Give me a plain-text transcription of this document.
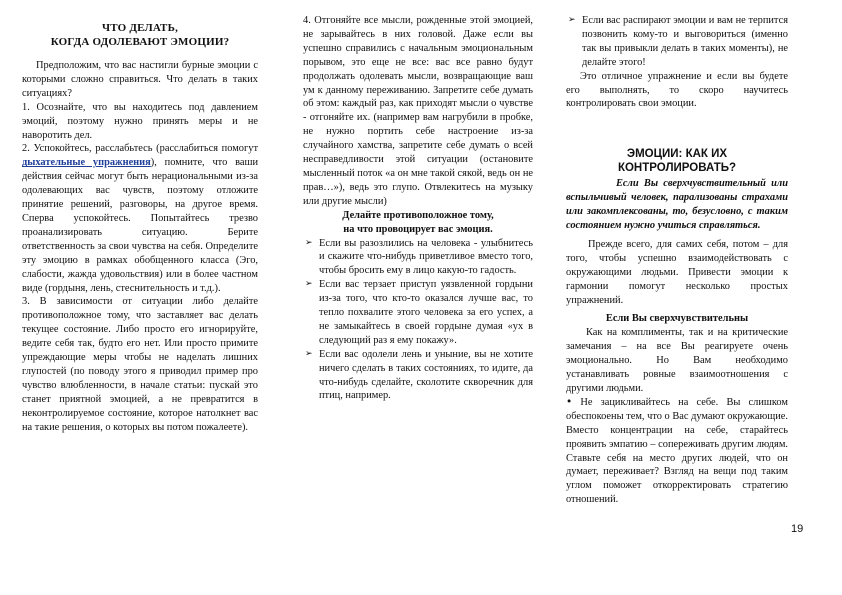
ЧТО ДЕЛАТЬ,
КОГДА ОДОЛЕВАЮТ ЭМОЦИИ?

Предположим, что вас настигли бурные эмоции с которыми сложно справиться. Что делать в таких ситуациях?

1. Осознайте, что вы находитесь под давлением эмоций, поэтому нужно принять меры и не наворотить дел.

2. Успокойтесь, расслабьтесь (расслабиться помогут дыхательные упражнения), помните, что ваши действия сейчас могут быть нерациональными из-за одолевающих вас чувств, поэтому отложите принятие решений, разговоры, на другое время. Сперва успокойтесь. Попытайтесь трезво проанализировать ситуацию. Берите ответственность за свои чувства на себя. Определите эту эмоцию в рамках обобщенного класса (Эго, слабости, жажда удовольствия) или в более частном виде (гордыня, лень, стеснительность и т.д.).

3. В зависимости от ситуации либо делайте противоположное тому, что заставляет вас делать текущее состояние. Либо просто его игнорируйте, ведите себя так, будто его нет. Или просто примите упреждающие меры чтобы не наделать лишних глупостей (по поводу этого я приводил пример про чувство влюбленности, в начале статьи: пускай это станет приятной эмоцией, а не превратится в неконтролируемое состояние, которое натолкнет вас на такие решения, о которых вы потом пожалеете).

4. Отгоняйте все мысли, рожденные этой эмоцией, не зарывайтесь в них головой. Даже если вы успешно справились с начальным эмоциональным порывом, это еще не все: вас все равно будут продолжать одолевать мысли, возвращающие ваш ум к данному переживанию. Запретите себе думать об этом: каждый раз, как приходят мысли о чувстве - отгоняйте их. (например вам нагрубили в пробке, не нужно портить себе настроение из-за случайного хамства, запретите себе думать о всей несправедливости этой ситуации (остановите мысленный поток «а он мне такой сякой, ведь он не прав…»), ведь это глупо. Отвлекитесь на музыку или другие мысли)

Делайте противоположное тому,
на что провоцирует вас эмоция.
➢ Если вы разозлились на человека - улыбнитесь и скажите что-нибудь приветливое вместо того, чтобы бросить ему в лицо какую-то гадость.
➢ Если вас терзает приступ уязвленной гордыни из-за того, что кто-то оказался лучше вас, то тепло похвалите этого человека за его успех, а не замыкайтесь в своей гордыне думая «ух в следующий раз я ему покажу».
➢ Если вас одолели лень и уныние, вы не хотите ничего сделать в таких состояниях, то идите, да что-нибудь сделайте, сколотите скворечник для птиц, например.
➢ Если вас распирают эмоции и вам не терпится позвонить кому-то и выговориться (именно так вы привыкли делать в таких моменты), не делайте этого!

Это отличное упражнение и если вы будете его выполнять, то скоро научитесь контролировать свои эмоции.

ЭМОЦИИ: КАК ИХ
КОНТРОЛИРОВАТЬ?

Если Вы сверхчувствительный или вспыльчивый человек, парализованы страхами или закомплексованы, то, безусловно, с таким состоянием нужно учиться справляться.

Прежде всего, для самих себя, потом – для того, чтобы успешно взаимодействовать с окружающими людьми. Привести эмоции к гармонии помогут несколько простых упражнений.

Если Вы сверхчувствительны

Как на комплименты, так и на критические замечания – на все Вы реагируете очень эмоционально. Но Вам необходимо устанавливать ровные взаимоотношения с другими людьми.

• Не зацикливайтесь на себе. Вы слишком обеспокоены тем, что о Вас думают окружающие. Вместо концентрации на себе, старайтесь проявить эмпатию – сопереживать другим людям. Ставьте себя на место других людей, что он думает, переживает? Взгляд на вещи под таким углом поможет откорректировать стратегию отношений.

19
